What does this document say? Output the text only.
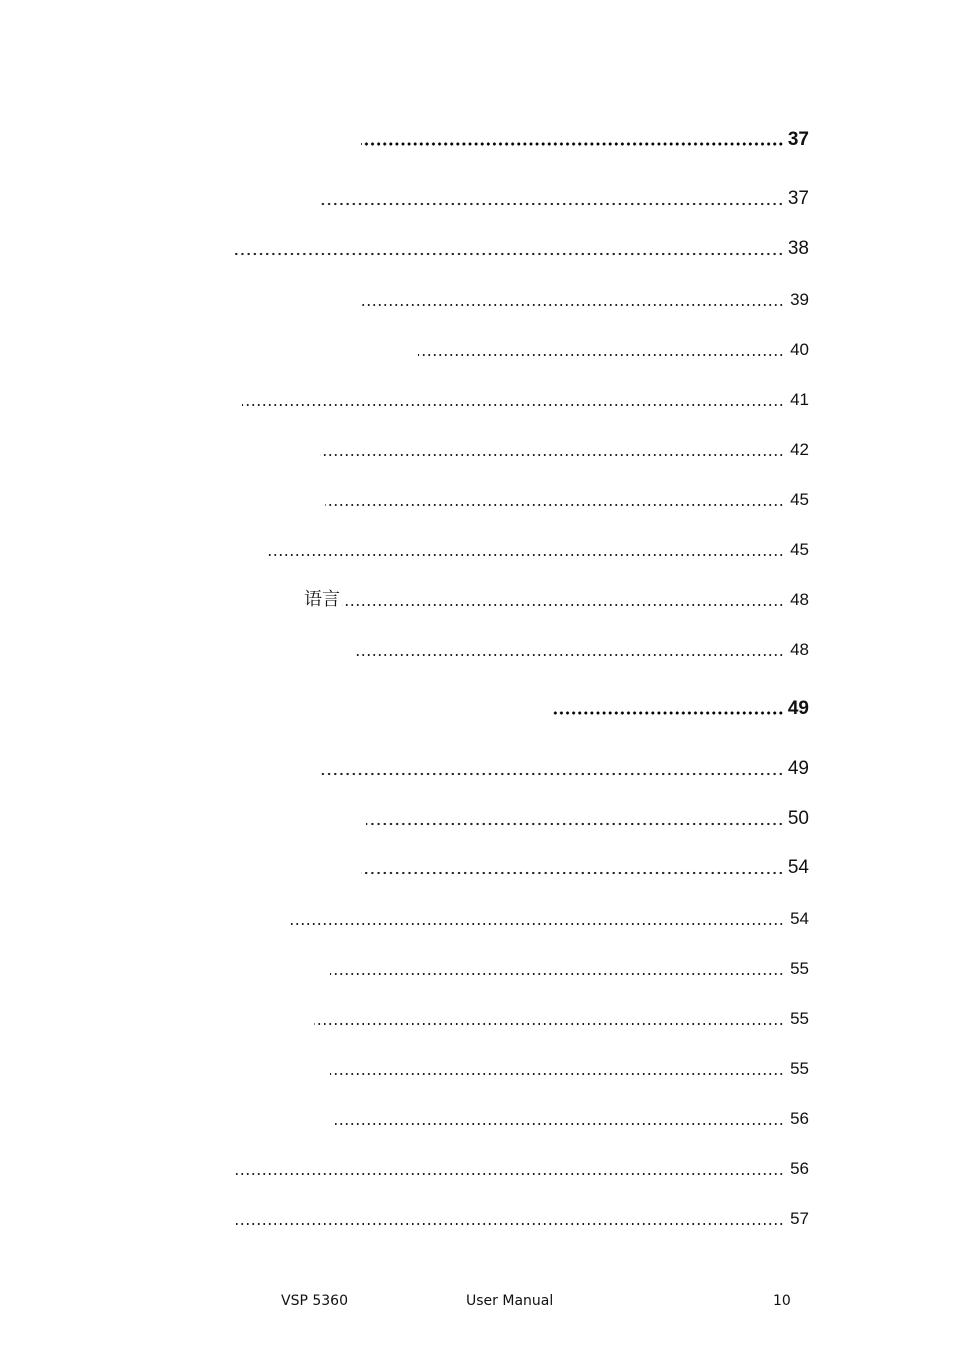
37
37
38
39
40
41
42
45
45
语言	48
48
49
49
50
54
54
55
55
55
56
56
57
VSP 5360	User Manual	10
